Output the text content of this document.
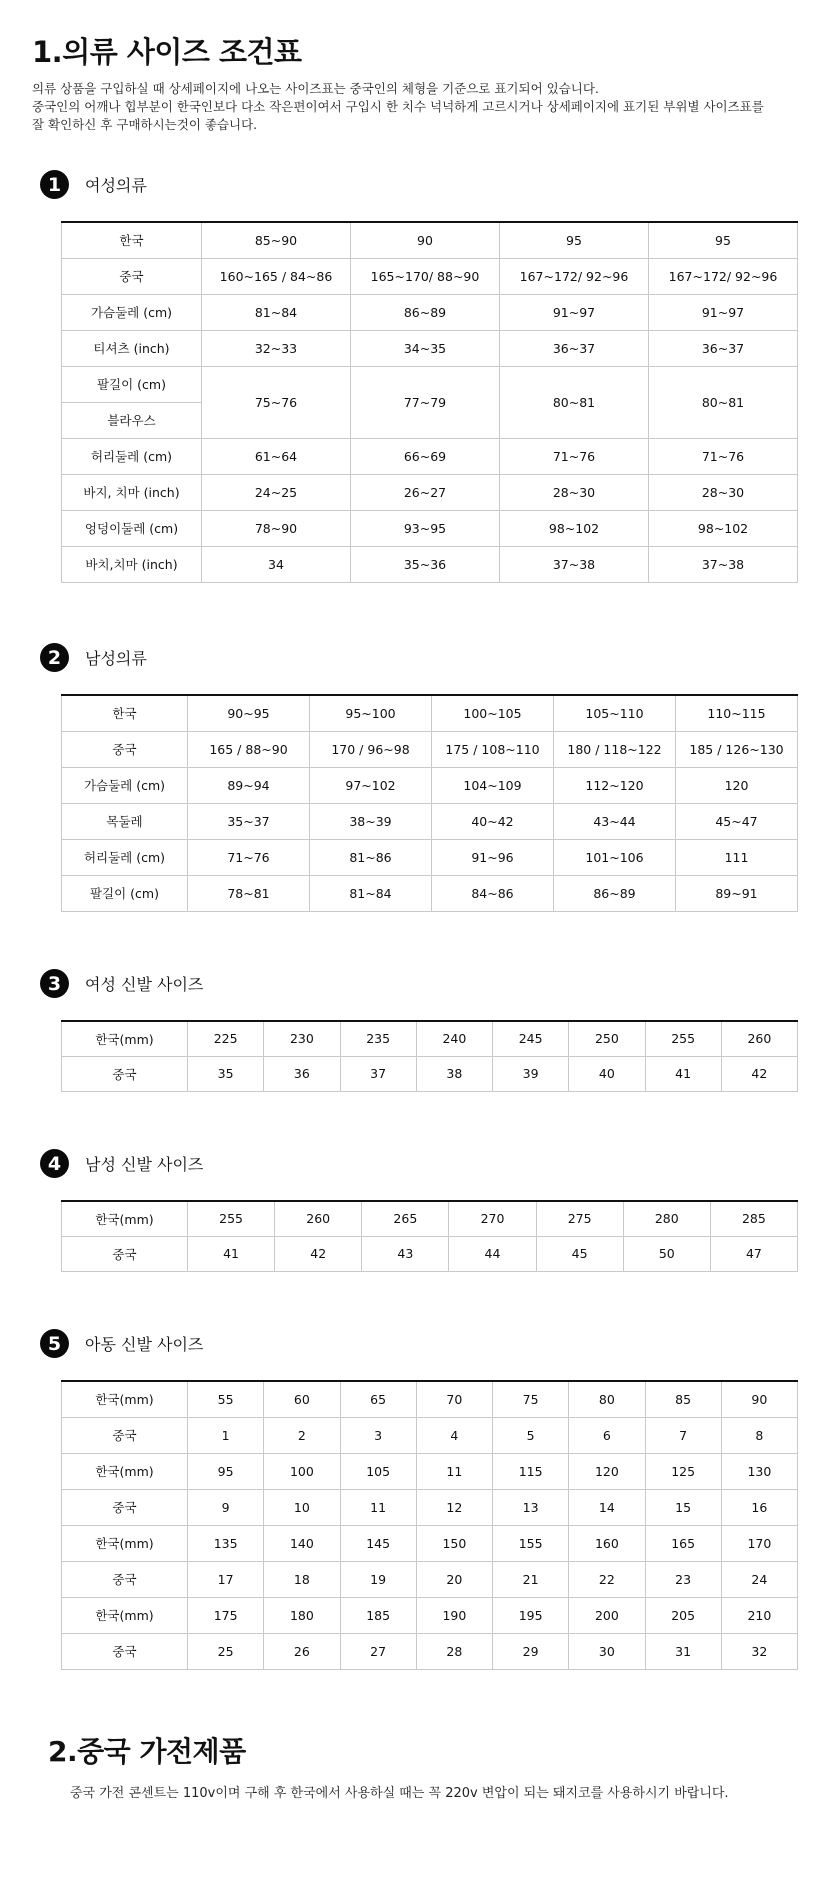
1.의류 사이즈 조건표
의류 상품을 구입하실 때 상세페이지에 나오는 사이즈표는 중국인의 체형을 기준으로 표기되어 있습니다.
중국인의 어깨나 힙부분이 한국인보다 다소 작은편이여서 구입시 한 치수 넉넉하게 고르시거나 상세페이지에 표기된 부위별 사이즈표를
잘 확인하신 후 구매하시는것이 좋습니다.
1	여성의류
한국	85~90	90	95	95
중국	160~165 / 84~86	165~170/ 88~90	167~172/ 92~96	167~172/ 92~96
가슴둘레 (cm)	81~84	86~89	91~97	91~97
티셔츠 (inch)	32~33	34~35	36~37	36~37
팔길이 (cm)	75~76	77~79	80~81	80~81
블라우스				
허리둘레 (cm)	61~64	66~69	71~76	71~76
바지, 치마 (inch)	24~25	26~27	28~30	28~30
엉덩이둘레 (cm)	78~90	93~95	98~102	98~102
바치,치마 (inch)	34	35~36	37~38	37~38
2	남성의류
한국	90~95	95~100	100~105	105~110	110~115
중국	165 / 88~90	170 / 96~98	175 / 108~110	180 / 118~122	185 / 126~130
가슴둘레 (cm)	89~94	97~102	104~109	112~120	120
목둘레	35~37	38~39	40~42	43~44	45~47
허리둘레 (cm)	71~76	81~86	91~96	101~106	111
팔길이 (cm)	78~81	81~84	84~86	86~89	89~91
3	여성 신발 사이즈
한국(mm)	225	230	235	240	245	250	255	260
중국	35	36	37	38	39	40	41	42
4	남성 신발 사이즈
한국(mm)	255	260	265	270	275	280	285
중국	41	42	43	44	45	50	47
5	아동 신발 사이즈
한국(mm)	55	60	65	70	75	80	85	90
중국	1	2	3	4	5	6	7	8
한국(mm)	95	100	105	11	115	120	125	130
중국	9	10	11	12	13	14	15	16
한국(mm)	135	140	145	150	155	160	165	170
중국	17	18	19	20	21	22	23	24
한국(mm)	175	180	185	190	195	200	205	210
중국	25	26	27	28	29	30	31	32
2.중국 가전제품
중국 가전 콘센트는 110v이며 구해 후 한국에서 사용하실 때는 꼭 220v 변압이 되는 돼지코를 사용하시기 바랍니다.
